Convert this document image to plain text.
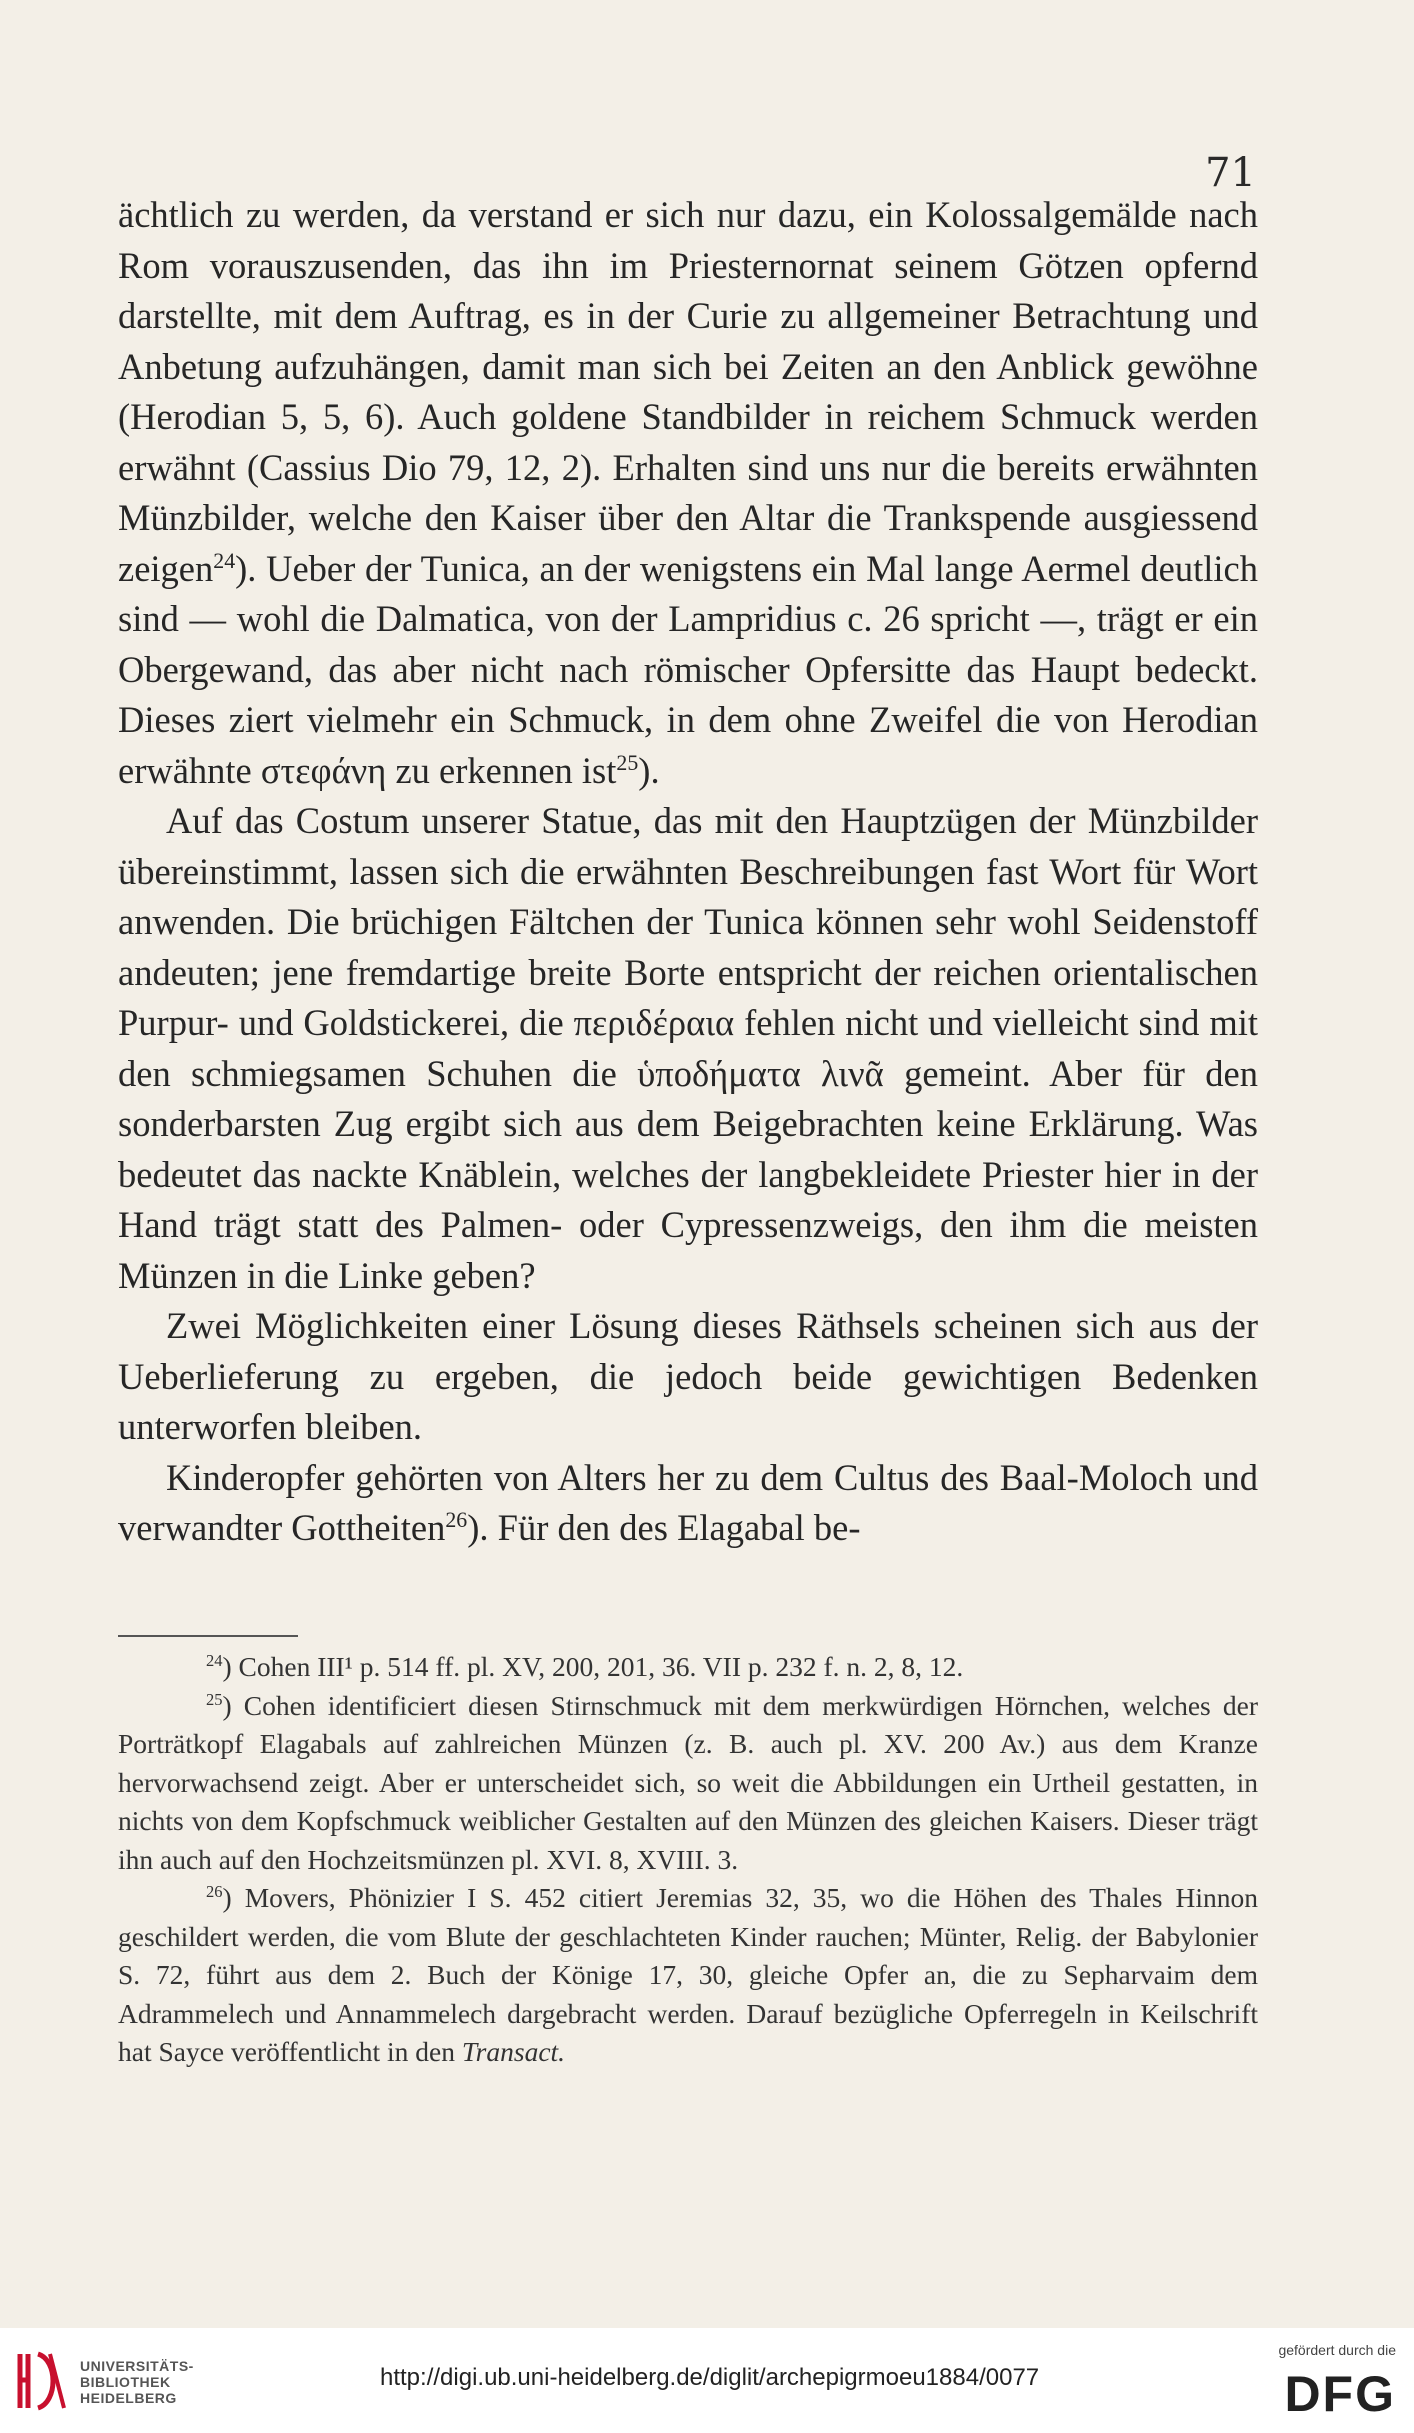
71

ächtlich zu werden, da verstand er sich nur dazu, ein Kolossalgemälde nach Rom vorauszusenden, das ihn im Priesternornat seinem Götzen opfernd darstellte, mit dem Auftrag, es in der Curie zu allgemeiner Betrachtung und Anbetung aufzuhängen, damit man sich bei Zeiten an den Anblick gewöhne (Herodian 5, 5, 6). Auch goldene Standbilder in reichem Schmuck werden erwähnt (Cassius Dio 79, 12, 2). Erhalten sind uns nur die bereits erwähnten Münzbilder, welche den Kaiser über den Altar die Trankspende ausgiessend zeigen$^{24}$). Ueber der Tunica, an der wenigstens ein Mal lange Aermel deutlich sind — wohl die Dalmatica, von der Lampridius c. 26 spricht —, trägt er ein Obergewand, das aber nicht nach römischer Opfersitte das Haupt bedeckt. Dieses ziert vielmehr ein Schmuck, in dem ohne Zweifel die von Herodian erwähnte στεφάνη zu erkennen ist$^{25}$).

Auf das Costum unserer Statue, das mit den Hauptzügen der Münzbilder übereinstimmt, lassen sich die erwähnten Beschreibungen fast Wort für Wort anwenden. Die brüchigen Fältchen der Tunica können sehr wohl Seidenstoff andeuten; jene fremdartige breite Borte entspricht der reichen orientalischen Purpur- und Goldstickerei, die περιδέραια fehlen nicht und vielleicht sind mit den schmiegsamen Schuhen die ὑποδήματα λινᾶ gemeint. Aber für den sonderbarsten Zug ergibt sich aus dem Beigebrachten keine Erklärung. Was bedeutet das nackte Knäblein, welches der langbekleidete Priester hier in der Hand trägt statt des Palmen- oder Cypressenzweigs, den ihm die meisten Münzen in die Linke geben?

Zwei Möglichkeiten einer Lösung dieses Räthsels scheinen sich aus der Ueberlieferung zu ergeben, die jedoch beide gewichtigen Bedenken unterworfen bleiben.

Kinderopfer gehörten von Alters her zu dem Cultus des Baal-Moloch und verwandter Gottheiten$^{26}$). Für den des Elagabal be-

$^{24}$) Cohen III¹ p. 514 ff. pl. XV, 200, 201, 36. VII p. 232 f. n. 2, 8, 12.

$^{25}$) Cohen identificiert diesen Stirnschmuck mit dem merkwürdigen Hörnchen, welches der Porträtkopf Elagabals auf zahlreichen Münzen (z. B. auch pl. XV. 200 Av.) aus dem Kranze hervorwachsend zeigt. Aber er unterscheidet sich, so weit die Abbildungen ein Urtheil gestatten, in nichts von dem Kopfschmuck weiblicher Gestalten auf den Münzen des gleichen Kaisers. Dieser trägt ihn auch auf den Hochzeitsmünzen pl. XVI. 8, XVIII. 3.

$^{26}$) Movers, Phönizier I S. 452 citiert Jeremias 32, 35, wo die Höhen des Thales Hinnon geschildert werden, die vom Blute der geschlachteten Kinder rauchen; Münter, Relig. der Babylonier S. 72, führt aus dem 2. Buch der Könige 17, 30, gleiche Opfer an, die zu Sepharvaim dem Adrammelech und Annammelech dargebracht werden. Darauf bezügliche Opferregeln in Keilschrift hat Sayce veröffentlicht in den Transact.

UNIVERSITÄTS-
BIBLIOTHEK
HEIDELBERG
http://digi.ub.uni-heidelberg.de/diglit/archepigrmoeu1884/0077
gefördert durch die
DFG
